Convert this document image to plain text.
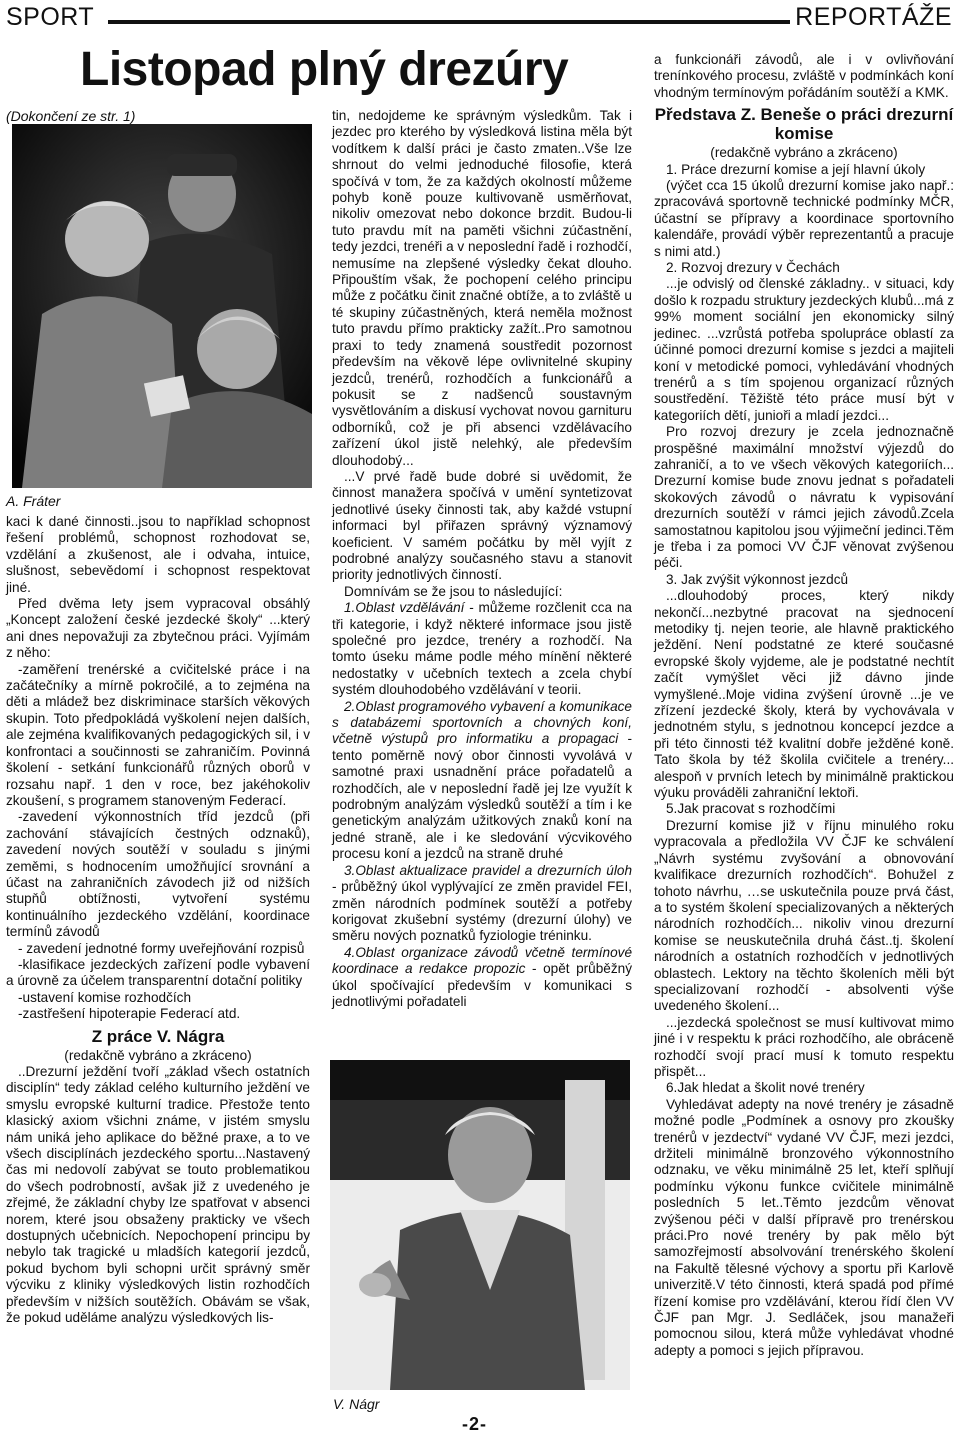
SPORT	REPORTÁŽE
Listopad plný drezúry
(Dokončení ze str. 1)
A. Fráter

kaci k dané činnosti..jsou to například schopnost řešení problémů, schopnost rozhodovat se, vzdělání a zkušenost, ale i odvaha, intuice, slušnost, sebevědomí i schopnost respektovat jiné.

Před dvěma lety jsem vypracoval obsáhlý „Koncept založení české jezdecké školy“ ...který ani dnes nepovažuji za zbytečnou práci. Vyjímám z něho:

-zaměření trenérské a cvičitelské práce i na začátečníky a mírně pokročilé, a to zejména na děti a mládež bez diskriminace starších věkových skupin. Toto předpokládá vyškolení nejen dalších, ale zejména kvalifikovaných pedagogických sil, i v konfrontaci a součinnosti se zahraničím. Povinná školení - setkání funkcionářů různých oborů v rozsahu např. 1 den v roce, bez jakéhokoliv zkoušení, s programem stanoveným Federací.

-zavedení výkonnostních tříd jezdců (při zachování stávajících čestných odznaků), zavedení nových soutěží v souladu s jinými zeměmi, s hodnocením umožňující srovnání a účast na zahraničních závodech již od nižších stupňů obtížnosti, vytvoření systému kontinuálního jezdeckého vzdělání, koordinace termínů závodů

- zavedení jednotné formy uveřejňování rozpisů

-klasifikace jezdeckých zařízení podle vybavení a úrovně za účelem transparentní dotační politiky

-ustavení komise rozhodčích

-zastřešení hipoterapie Federací atd.

Z práce V. Nágra

(redakčně vybráno a zkráceno)

..Drezurní ježdění tvoří „základ všech ostatních disciplín“ tedy základ celého kulturního ježdění ve smyslu evropské kulturní tradice. Přestože tento klasický axiom všichni známe, v jistém smyslu nám uniká jeho aplikace do běžné praxe, a to ve všech disciplínách jezdeckého sportu...Nastavený čas mi nedovolí zabývat se touto problematikou do všech podrobností, avšak již z uvedeného je zřejmé, že základní chyby lze spatřovat v absenci norem, které jsou obsaženy prakticky ve všech dostupných učebnicích. Nepochopení principu by nebylo tak tragické u mladších kategorií jezdců, pokud bychom byli schopni určit správný směr výcviku z kliniky výsledkových listin rozhodčích především v nižších soutěžích. Obávám se však, že pokud uděláme analýzu výsledkových lis-

tin, nedojdeme ke správným výsledkům. Tak i jezdec pro kterého by výsledková listina měla být vodítkem k další práci je často zmaten..Vše lze shrnout do velmi jednoduché filosofie, která spočívá v tom, že za každých okolností můžeme pohyb koně pouze kultivovaně usměrňovat, nikoliv omezovat nebo dokonce brzdit. Budou-li tuto pravdu mít na paměti všichni zúčastnění, tedy jezdci, trenéři a v neposlední řadě i rozhodčí, nemusíme na zlepšené výsledky čekat dlouho. Připouštím však, že pochopení celého principu může z počátku činit značné obtíže, a to zvláště u té skupiny zúčastněných, která neměla možnost tuto pravdu přímo prakticky zažít..Pro samotnou praxi to tedy znamená soustředit pozornost především na věkově lépe ovlivnitelné skupiny jezdců, trenérů, rozhodčích a funkcionářů a pokusit se z nadšenců soustavným vysvětlováním a diskusí vychovat novou garnituru odborníků, což je při absenci vzdělávacího zařízení úkol jistě nelehký, ale především dlouhodobý...

...V prvé řadě bude dobré si uvědomit, že činnost manažera spočívá v umění syntetizovat jednotlivé úseky činnosti tak, aby každé vstupní informaci byl přiřazen správný významový koeficient. V samém počátku by měl vyjít z podrobné analýzy současného stavu a stanovit priority jednotlivých činností.

Domnívám se že jsou to následující:

1.Oblast vzdělávání - můžeme rozčlenit cca na tři kategorie, i když některé informace jsou jistě společné pro jezdce, trenéry a rozhodčí. Na tomto úseku máme podle mého mínění některé nedostatky v učebních textech a zcela chybí systém dlouhodobého vzdělávání v teorii.

2.Oblast programového vybavení a komunikace s databázemi sportovních a chovných koní, včetně výstupů pro informatiku a propagaci - tento poměrně nový obor činnosti vyvolává v samotné praxi usnadnění práce pořadatelů a rozhodčích, ale v neposlední řadě jej lze využít k podrobným analýzám výsledků soutěží a tím i ke genetickým analýzám užitkových znaků koní na jedné straně, ale i ke sledování výcvikového procesu koní a jezdců na straně druhé

3.Oblast aktualizace pravidel a drezurních úloh - průběžný úkol vyplývající ze změn pravidel FEI, změn národních podmínek soutěží a potřeby korigovat zkušební systémy (drezurní úlohy) ve směru nových poznatků fyziologie tréninku.

4.Oblast organizace závodů včetně termínové koordinace a redakce propozic - opět průběžný úkol spočívající především v komunikaci s jednotlivými pořadateli

V. Nágr

a funkcionáři závodů, ale i v ovlivňování trenínkového procesu, zvláště v podmínkách koní vhodným termínovým pořádáním soutěží a KMK.

Představa Z. Beneše o práci drezurní komise

(redakčně vybráno a zkráceno)

1. Práce drezurní komise a její hlavní úkoly

(výčet cca 15 úkolů drezurní komise jako např.: zpracovává sportovně technické podmínky MČR, účastní se přípravy a koordinace sportovního kalendáře, provádí výběr reprezentantů a pracuje s nimi atd.)

2. Rozvoj drezury v Čechách

...je odvislý od členské základny.. v situaci, kdy došlo k rozpadu struktury jezdeckých klubů...má z 99% moment sociální jen ekonomicky silný jedinec. ...vzrůstá potřeba spolupráce oblastí za účinné pomoci drezurní komise s jezdci a majiteli koní v metodické pomoci, vyhledávání vhodných trenérů a s tím spojenou organizací různých soustředění. Těžiště této práce musí být v kategoriích dětí, junioři a mladí jezdci...

Pro rozvoj drezury je zcela jednoznačně prospěšné maximální množství výjezdů do zahraničí, a to ve všech věkových kategoriích... Drezurní komise bude znovu jednat s pořadateli skokových závodů o návratu k vypisování drezurních soutěží v rámci jejich závodů.Zcela samostatnou kapitolou jsou výjimeční jedinci.Těm je třeba i za pomoci VV ČJF věnovat zvýšenou péči.

3. Jak zvýšit výkonnost jezdců

...dlouhodobý proces, který nikdy nekončí...nezbytné pracovat na sjednocení metodiky tj. nejen teorie, ale hlavně praktického ježdění. Není podstatné ze které současné evropské školy vyjdeme, ale je podstatné nechtít začít vymýšlet věci již dávno jinde vymyšlené..Moje vidina zvýšení úrovně ...je ve zřízení jezdecké školy, která by vychovávala v jednotném stylu, s jednotnou koncepcí jezdce a při této činnosti též kvalitní dobře ježděné koně. Tato škola by též školila cvičitele a trenéry... alespoň v prvních letech by minimálně praktickou výuku prováděli zahraniční lektoři.

5.Jak pracovat s rozhodčími

Drezurní komise již v říjnu minulého roku vypracovala a předložila VV ČJF ke schválení „Návrh systému zvyšování a obnovování kvalifikace drezurních rozhodčích“. Bohužel z tohoto návrhu, …se uskutečnila pouze prvá část, a to systém školení specializovaných a některých národních rozhodčích... nikoliv vinou drezurní komise se neuskutečnila druhá část..tj. školení národních a ostatních rozhodčích v jednotlivých oblastech. Lektory na těchto školeních měli být specializovaní rozhodčí - absolventi výše uvedeného školení...

...jezdecká společnost se musí kultivovat mimo jiné i v respektu k práci rozhodčího, ale obráceně rozhodčí svojí prací musí k tomuto respektu přispět...

6.Jak hledat a školit nové trenéry

Vyhledávat adepty na nové trenéry je zásadně možné podle „Podmínek a osnovy pro zkoušky trenérů v jezdectví“ vydané VV ČJF, mezi jezdci, držiteli minimálně bronzového výkonnostního odznaku, ve věku minimálně 25 let, kteří splňují podmínku výkonu funkce cvičitele minimálně posledních 5 let..Těmto jezdcům věnovat zvýšenou péči v další přípravě pro trenérskou práci.Pro nové trenéry by pak mělo být samozřejmostí absolvování trenérského školení na Fakultě tělesné výchovy a sportu při Karlově univerzitě.V této činnosti, která spadá pod přímé řízení komise pro vzdělávání, kterou řídí člen VV ČJF pan Mgr. J. Sedláček, jsou manažeři pomocnou silou, která může vyhledávat vhodné adepty a pomoci s jejich přípravou.

-2-
